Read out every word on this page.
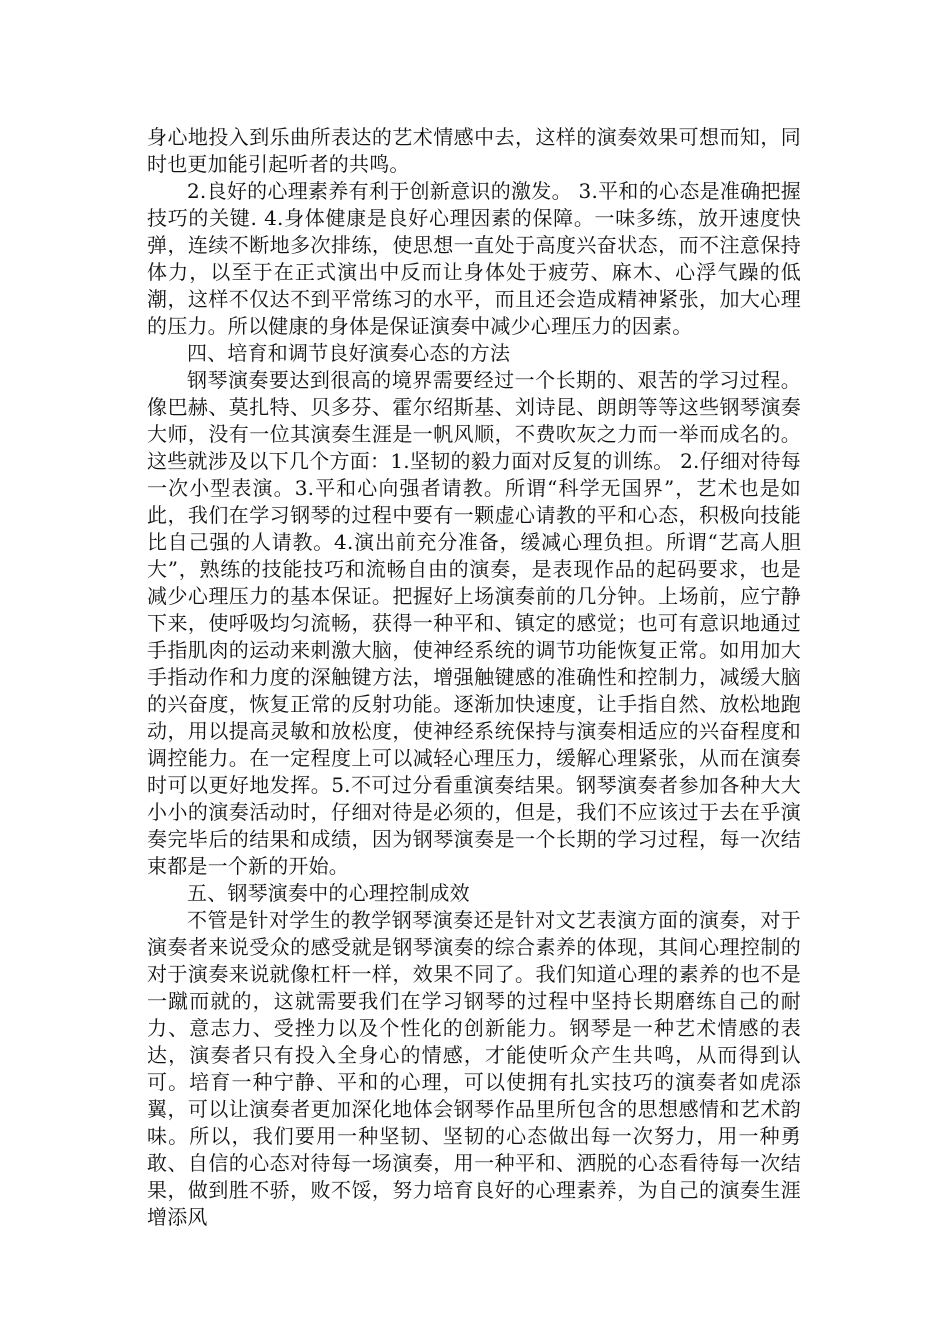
身心地投入到乐曲所表达的艺术情感中去，这样的演奏效果可想而知，同时也更加能引起听者的共鸣。

2.良好的心理素养有利于创新意识的激发。 3.平和的心态是准确把握技巧的关键. 4.身体健康是良好心理因素的保障。一味多练，放开速度快弹，连续不断地多次排练，使思想一直处于高度兴奋状态，而不注意保持体力，以至于在正式演出中反而让身体处于疲劳、麻木、心浮气躁的低潮，这样不仅达不到平常练习的水平，而且还会造成精神紧张，加大心理的压力。所以健康的身体是保证演奏中减少心理压力的因素。

四、培育和调节良好演奏心态的方法

钢琴演奏要达到很高的境界需要经过一个长期的、艰苦的学习过程。像巴赫、莫扎特、贝多芬、霍尔绍斯基、刘诗昆、朗朗等等这些钢琴演奏大师，没有一位其演奏生涯是一帆风顺，不费吹灰之力而一举而成名的。这些就涉及以下几个方面：1.坚韧的毅力面对反复的训练。 2.仔细对待每一次小型表演。3.平和心向强者请教。所谓“科学无国界”，艺术也是如此，我们在学习钢琴的过程中要有一颗虚心请教的平和心态，积极向技能比自己强的人请教。4.演出前充分准备，缓减心理负担。所谓“艺高人胆大”，熟练的技能技巧和流畅自由的演奏，是表现作品的起码要求，也是减少心理压力的基本保证。把握好上场演奏前的几分钟。上场前，应宁静下来，使呼吸均匀流畅，获得一种平和、镇定的感觉；也可有意识地通过手指肌肉的运动来刺激大脑，使神经系统的调节功能恢复正常。如用加大手指动作和力度的深触键方法，增强触键感的准确性和控制力，减缓大脑的兴奋度，恢复正常的反射功能。逐渐加快速度，让手指自然、放松地跑动，用以提高灵敏和放松度，使神经系统保持与演奏相适应的兴奋程度和调控能力。在一定程度上可以减轻心理压力，缓解心理紧张，从而在演奏时可以更好地发挥。5.不可过分看重演奏结果。钢琴演奏者参加各种大大小小的演奏活动时，仔细对待是必须的，但是，我们不应该过于去在乎演奏完毕后的结果和成绩，因为钢琴演奏是一个长期的学习过程，每一次结束都是一个新的开始。

五、钢琴演奏中的心理控制成效

不管是针对学生的教学钢琴演奏还是针对文艺表演方面的演奏，对于演奏者来说受众的感受就是钢琴演奏的综合素养的体现，其间心理控制的对于演奏来说就像杠杆一样，效果不同了。我们知道心理的素养的也不是一蹴而就的，这就需要我们在学习钢琴的过程中坚持长期磨练自己的耐力、意志力、受挫力以及个性化的创新能力。钢琴是一种艺术情感的表达，演奏者只有投入全身心的情感，才能使听众产生共鸣，从而得到认可。培育一种宁静、平和的心理，可以使拥有扎实技巧的演奏者如虎添翼，可以让演奏者更加深化地体会钢琴作品里所包含的思想感情和艺术韵味。所以，我们要用一种坚韧、坚韧的心态做出每一次努力，用一种勇敢、自信的心态对待每一场演奏，用一种平和、洒脱的心态看待每一次结果，做到胜不骄，败不馁，努力培育良好的心理素养，为自己的演奏生涯增添风
